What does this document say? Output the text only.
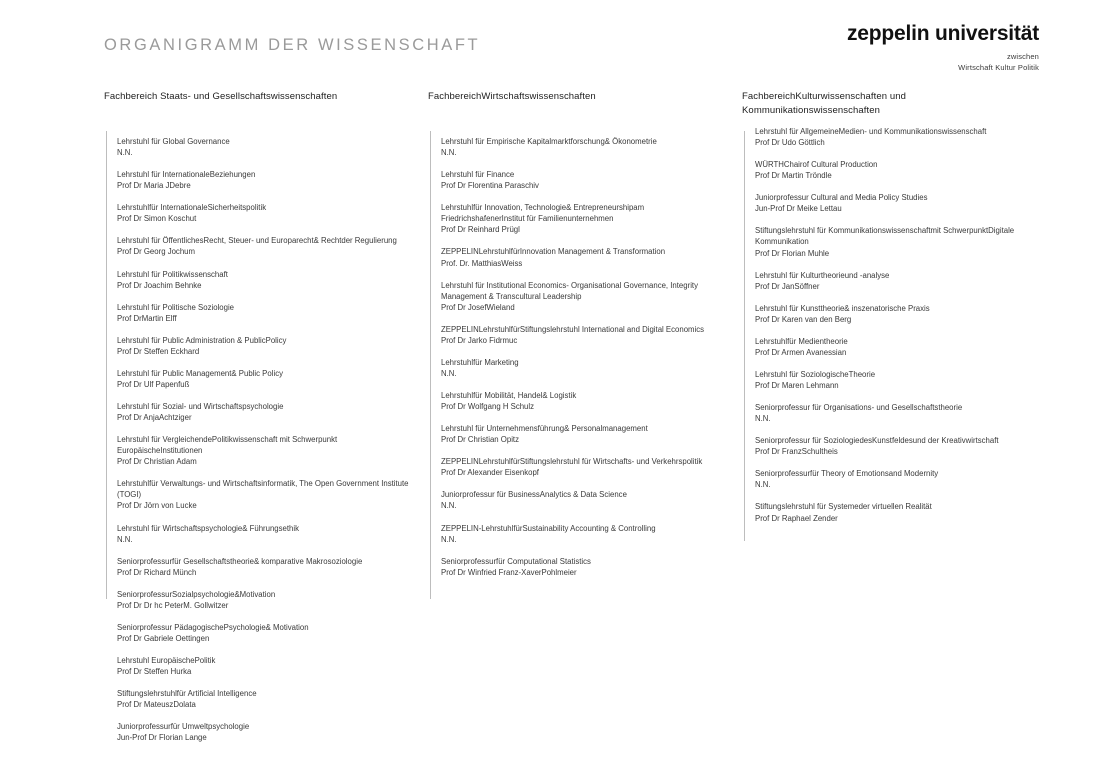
ORGANIGRAMM DER WISSENSCHAFT	zeppelin universität
zwischen
Wirtschaft Kultur Politik
Fachbereich Staats- und Gesellschaftswissenschaften
Lehrstuhl für Global Governance
N.N.
Lehrstuhl für InternationaleBeziehungen
Prof Dr Maria JDebre
Lehrstuhlfür InternationaleSicherheitspolitik
Prof Dr Simon Koschut
Lehrstuhl für ÖffentlichesRecht, Steuer- und Europarecht& Rechtder Regulierung
Prof Dr Georg Jochum
Lehrstuhl für Politikwissenschaft
Prof Dr Joachim Behnke
Lehrstuhl für Politische Soziologie
Prof DrMartin Elff
Lehrstuhl für Public Administration & PublicPolicy
Prof Dr Steffen Eckhard
Lehrstuhl für Public Management& Public Policy
Prof Dr Ulf Papenfuß
Lehrstuhl für Sozial- und Wirtschaftspsychologie
Prof Dr AnjaAchtziger
Lehrstuhl für VergleichendePolitikwissenschaft mit Schwerpunkt EuropäischeInstitutionen
Prof Dr Christian Adam
Lehrstuhlfür Verwaltungs- und Wirtschaftsinformatik, The Open Government Institute (TOGI)
Prof Dr Jörn von Lucke
Lehrstuhl für Wirtschaftspsychologie& Führungsethik
N.N.
Seniorprofessurfür Gesellschaftstheorie& komparative Makrosoziologie
Prof Dr Richard Münch
SeniorprofessurSozialpsychologie&Motivation
Prof Dr Dr hc PeterM. Gollwitzer
Seniorprofessur PädagogischePsychologie& Motivation
Prof Dr Gabriele Oettingen
Lehrstuhl EuropäischePolitik
Prof Dr Steffen Hurka
Stiftungslehrstuhlfür Artificial Intelligence
Prof Dr MateuszDolata
Juniorprofessurfür Umweltpsychologie
Jun-Prof Dr Florian Lange
FachbereichWirtschaftswissenschaften
Lehrstuhl für Empirische Kapitalmarktforschung& Ökonometrie
N.N.
Lehrstuhl für Finance
Prof Dr Florentina Paraschiv
Lehrstuhlfür Innovation, Technologie& Entrepreneurshipam FriedrichshafenerInstitut für Familienunternehmen
Prof Dr Reinhard Prügl
ZEPPELINLehrstuhlfürInnovation Management & Transformation
Prof. Dr. MatthiasWeiss
Lehrstuhl für Institutional Economics- Organisational Governance, Integrity Management & Transcultural Leadership
Prof Dr JosefWieland
ZEPPELINLehrstuhlfürStiftungslehrstuhl International and Digital Economics
Prof Dr Jarko Fidrmuc
Lehrstuhlfür Marketing
N.N.
Lehrstuhlfür Mobilität, Handel& Logistik
Prof Dr Wolfgang H Schulz
Lehrstuhl für Unternehmensführung& Personalmanagement
Prof Dr Christian Opitz
ZEPPELINLehrstuhlfürStiftungslehrstuhl für Wirtschafts- und Verkehrspolitik
Prof Dr Alexander Eisenkopf
Juniorprofessur für BusinessAnalytics & Data Science
N.N.
ZEPPELIN-LehrstuhlfürSustainability Accounting & Controlling
N.N.
Seniorprofessurfür Computational Statistics
Prof Dr Winfried Franz-XaverPohlmeier
FachbereichKulturwissenschaften und Kommunikationswissenschaften
Lehrstuhl für AllgemeineMedien- und Kommunikationswissenschaft
Prof Dr Udo Göttlich
WÜRTHChairof Cultural Production
Prof Dr Martin Tröndle
Juniorprofessur Cultural and Media Policy Studies
Jun-Prof Dr Meike Lettau
Stiftungslehrstuhl für Kommunikationswissenschaftmit SchwerpunktDigitale Kommunikation
Prof Dr Florian Muhle
Lehrstuhl für Kulturtheorieund -analyse
Prof Dr JanSöffner
Lehrstuhl für Kunsttheorie& inszenatorische Praxis
Prof Dr Karen van den Berg
Lehrstuhlfür Medientheorie
Prof Dr Armen Avanessian
Lehrstuhl für SoziologischeTheorie
Prof Dr Maren Lehmann
Seniorprofessur für Organisations- und Gesellschaftstheorie
N.N.
Seniorprofessur für SoziologiedesKunstfeldesund der Kreativwirtschaft
Prof Dr FranzSchultheis
Seniorprofessurfür Theory of Emotionsand Modernity
N.N.
Stiftungslehrstuhl für Systemeder virtuellen Realität
Prof Dr Raphael Zender
